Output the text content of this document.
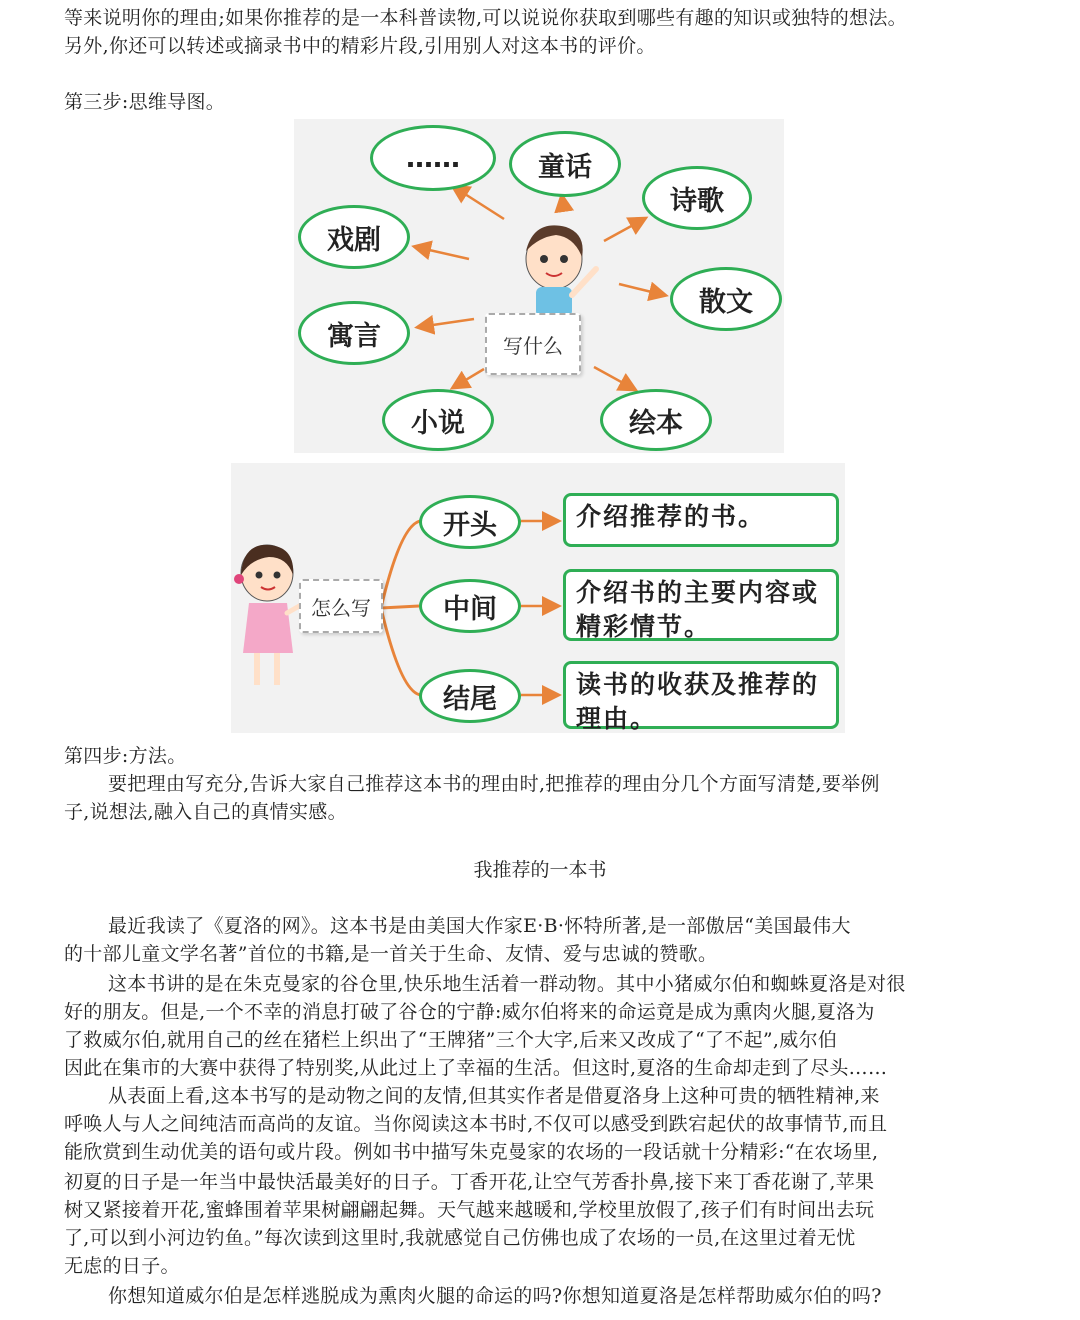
等来说明你的理由;如果你推荐的是一本科普读物,可以说说你获取到哪些有趣的知识或独特的想法。
另外,你还可以转述或摘录书中的精彩片段,引用别人对这本书的评价。
第三步:思维导图。
……	童话
诗歌
戏剧
散文
寓言
小说	绘本
写什么
怎么写
开头
中间
结尾
介绍推荐的书。
介绍书的主要内容或精彩情节。
读书的收获及推荐的理由。
第四步:方法。
要把理由写充分,告诉大家自己推荐这本书的理由时,把推荐的理由分几个方面写清楚,要举例
子,说想法,融入自己的真情实感。
我推荐的一本书
最近我读了《夏洛的网》。这本书是由美国大作家E·B·怀特所著,是一部傲居“美国最伟大
的十部儿童文学名著”首位的书籍,是一首关于生命、友情、爱与忠诚的赞歌。
这本书讲的是在朱克曼家的谷仓里,快乐地生活着一群动物。其中小猪威尔伯和蜘蛛夏洛是对很
好的朋友。但是,一个不幸的消息打破了谷仓的宁静:威尔伯将来的命运竟是成为熏肉火腿,夏洛为
了救威尔伯,就用自己的丝在猪栏上织出了“王牌猪”三个大字,后来又改成了“了不起”,威尔伯
因此在集市的大赛中获得了特别奖,从此过上了幸福的生活。但这时,夏洛的生命却走到了尽头……
从表面上看,这本书写的是动物之间的友情,但其实作者是借夏洛身上这种可贵的牺牲精神,来
呼唤人与人之间纯洁而高尚的友谊。当你阅读这本书时,不仅可以感受到跌宕起伏的故事情节,而且
能欣赏到生动优美的语句或片段。例如书中描写朱克曼家的农场的一段话就十分精彩:“在农场里,
初夏的日子是一年当中最快活最美好的日子。丁香开花,让空气芳香扑鼻,接下来丁香花谢了,苹果
树又紧接着开花,蜜蜂围着苹果树翩翩起舞。天气越来越暖和,学校里放假了,孩子们有时间出去玩
了,可以到小河边钓鱼。”每次读到这里时,我就感觉自己仿佛也成了农场的一员,在这里过着无忧
无虑的日子。
你想知道威尔伯是怎样逃脱成为熏肉火腿的命运的吗?你想知道夏洛是怎样帮助威尔伯的吗?
